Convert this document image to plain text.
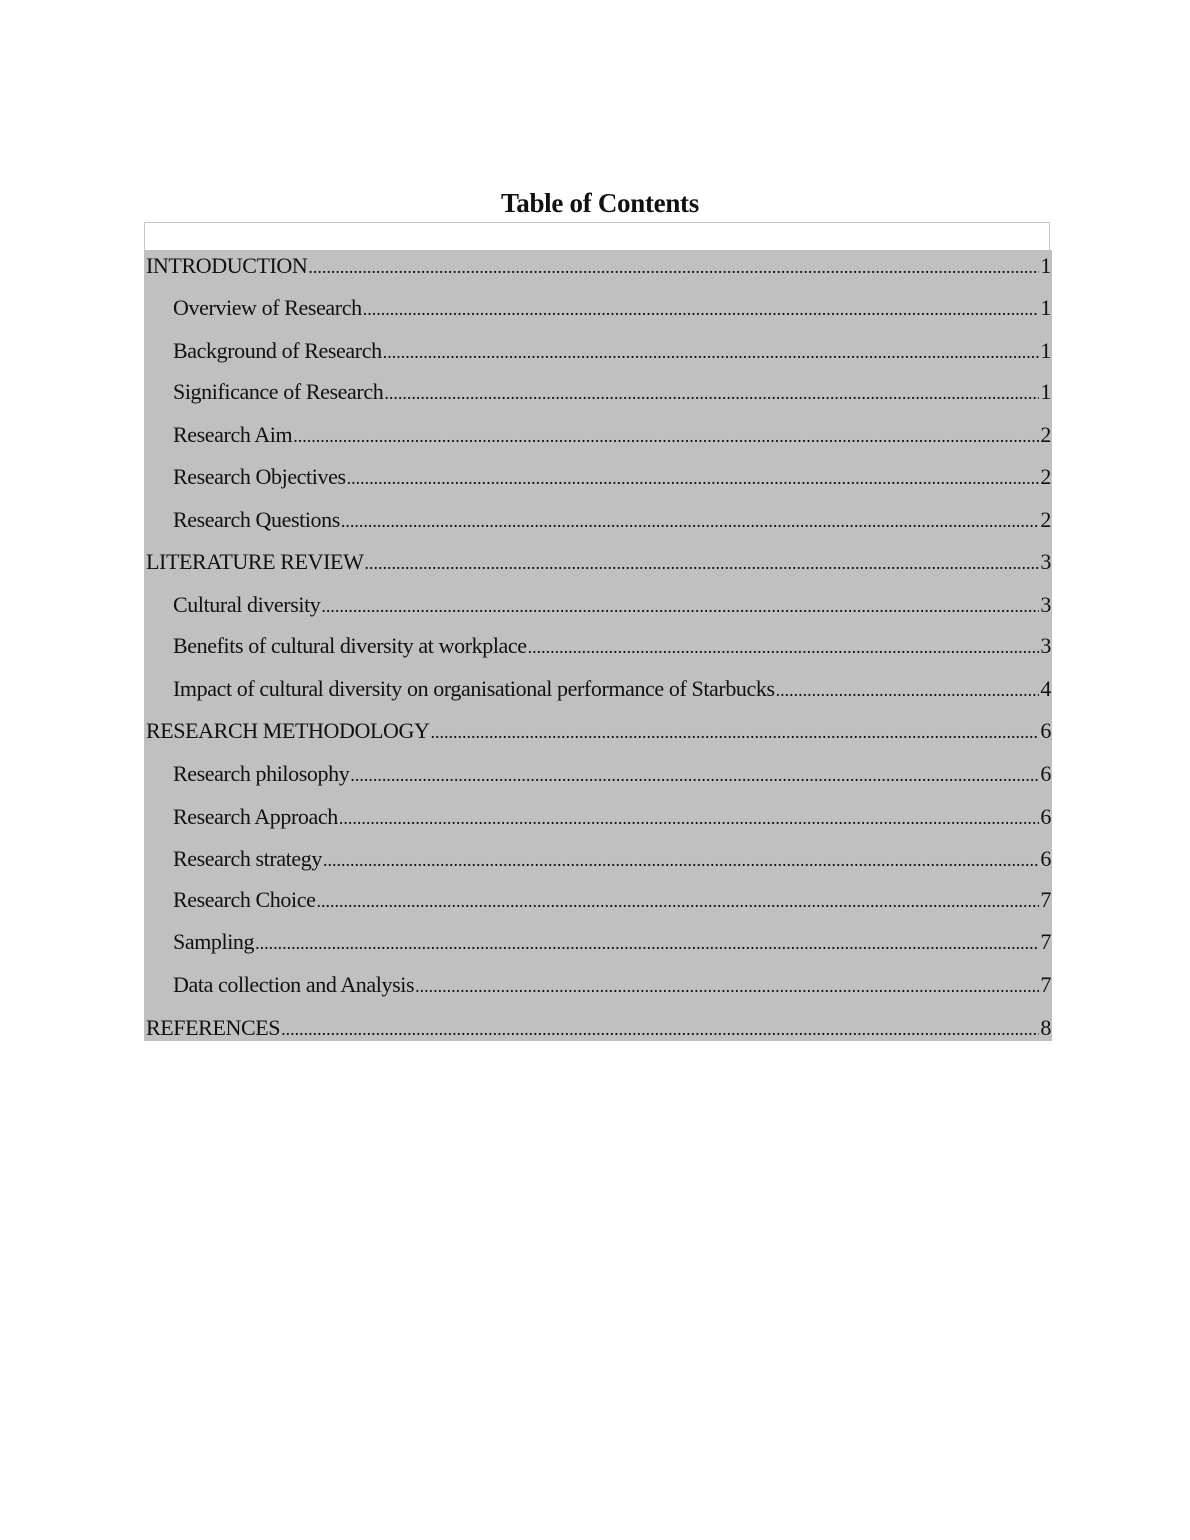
Table of Contents
INTRODUCTION .....	1
Overview of Research .....	1
Background of Research .....	1
Significance of Research .....	1
Research Aim .....	2
Research Objectives .....	2
Research Questions .....	2
LITERATURE REVIEW .....	3
Cultural diversity .....	3
Benefits of cultural diversity at workplace .....	3
Impact of cultural diversity on organisational performance of Starbucks .....	4
RESEARCH METHODOLOGY .....	6
Research philosophy .....	6
Research Approach .....	6
Research strategy .....	6
Research Choice .....	7
Sampling .....	7
Data collection and Analysis .....	7
REFERENCES .....	8
